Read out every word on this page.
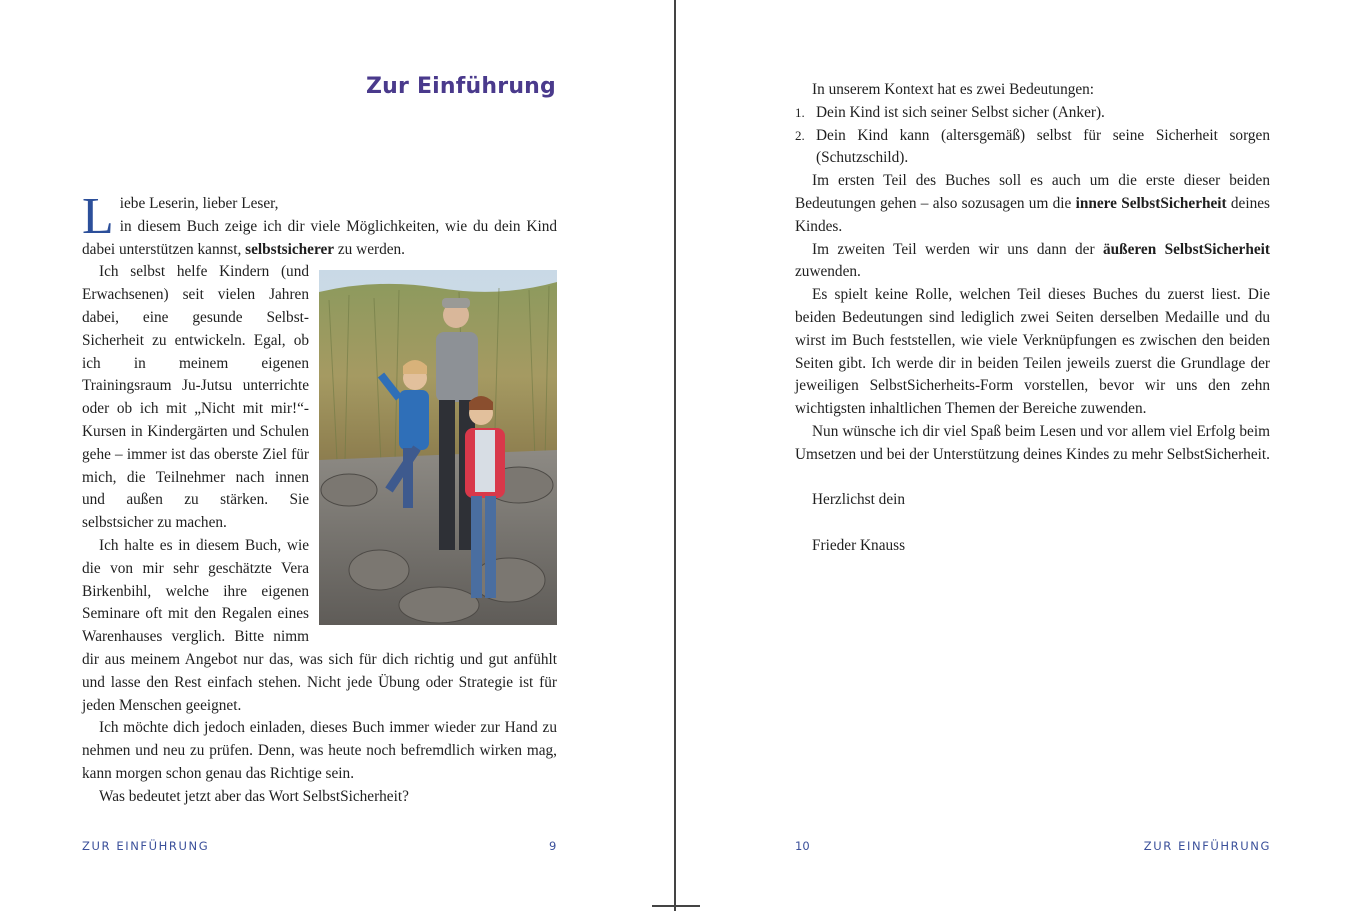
Zur Einführung

Liebe Leserin, lieber Leser,
in diesem Buch zeige ich dir viele Möglichkeiten, wie du dein Kind dabei unterstützen kannst, selbstsicherer zu werden.

Ich selbst helfe Kindern (und Erwachsenen) seit vielen Jahren dabei, eine gesunde Selbst-Sicherheit zu entwickeln. Egal, ob ich in meinem eigenen Trainingsraum Ju-Jutsu unterrichte oder ob ich mit „Nicht mit mir!“-Kursen in Kindergärten und Schulen gehe – immer ist das oberste Ziel für mich, die Teilnehmer nach innen und außen zu stärken. Sie selbstsicher zu machen.

Ich halte es in diesem Buch, wie die von mir sehr geschätzte Vera Birkenbihl, welche ihre eigenen Seminare oft mit den Regalen eines Warenhauses verglich. Bitte nimm dir aus meinem Angebot nur das, was sich für dich richtig und gut anfühlt und lasse den Rest einfach stehen. Nicht jede Übung oder Strategie ist für jeden Menschen geeignet.

Ich möchte dich jedoch einladen, dieses Buch immer wieder zur Hand zu nehmen und neu zu prüfen. Denn, was heute noch befremdlich wirken mag, kann morgen schon genau das Richtige sein.

Was bedeutet jetzt aber das Wort SelbstSicherheit?

ZUR EINFÜHRUNG	9

In unserem Kontext hat es zwei Bedeutungen:

1. Dein Kind ist sich seiner Selbst sicher (Anker).
2. Dein Kind kann (altersgemäß) selbst für seine Sicherheit sorgen (Schutzschild).

Im ersten Teil des Buches soll es auch um die erste dieser beiden Bedeutungen gehen – also sozusagen um die innere SelbstSicherheit deines Kindes.

Im zweiten Teil werden wir uns dann der äußeren SelbstSicherheit zuwenden.

Es spielt keine Rolle, welchen Teil dieses Buches du zuerst liest. Die beiden Bedeutungen sind lediglich zwei Seiten derselben Medaille und du wirst im Buch feststellen, wie viele Verknüpfungen es zwischen den beiden Seiten gibt. Ich werde dir in beiden Teilen jeweils zuerst die Grundlage der jeweiligen SelbstSicherheits-Form vorstellen, bevor wir uns den zehn wichtigsten inhaltlichen Themen der Bereiche zuwenden.

Nun wünsche ich dir viel Spaß beim Lesen und vor allem viel Erfolg beim Umsetzen und bei der Unterstützung deines Kindes zu mehr SelbstSicherheit.

Herzlichst dein

Frieder Knauss

10	ZUR EINFÜHRUNG
